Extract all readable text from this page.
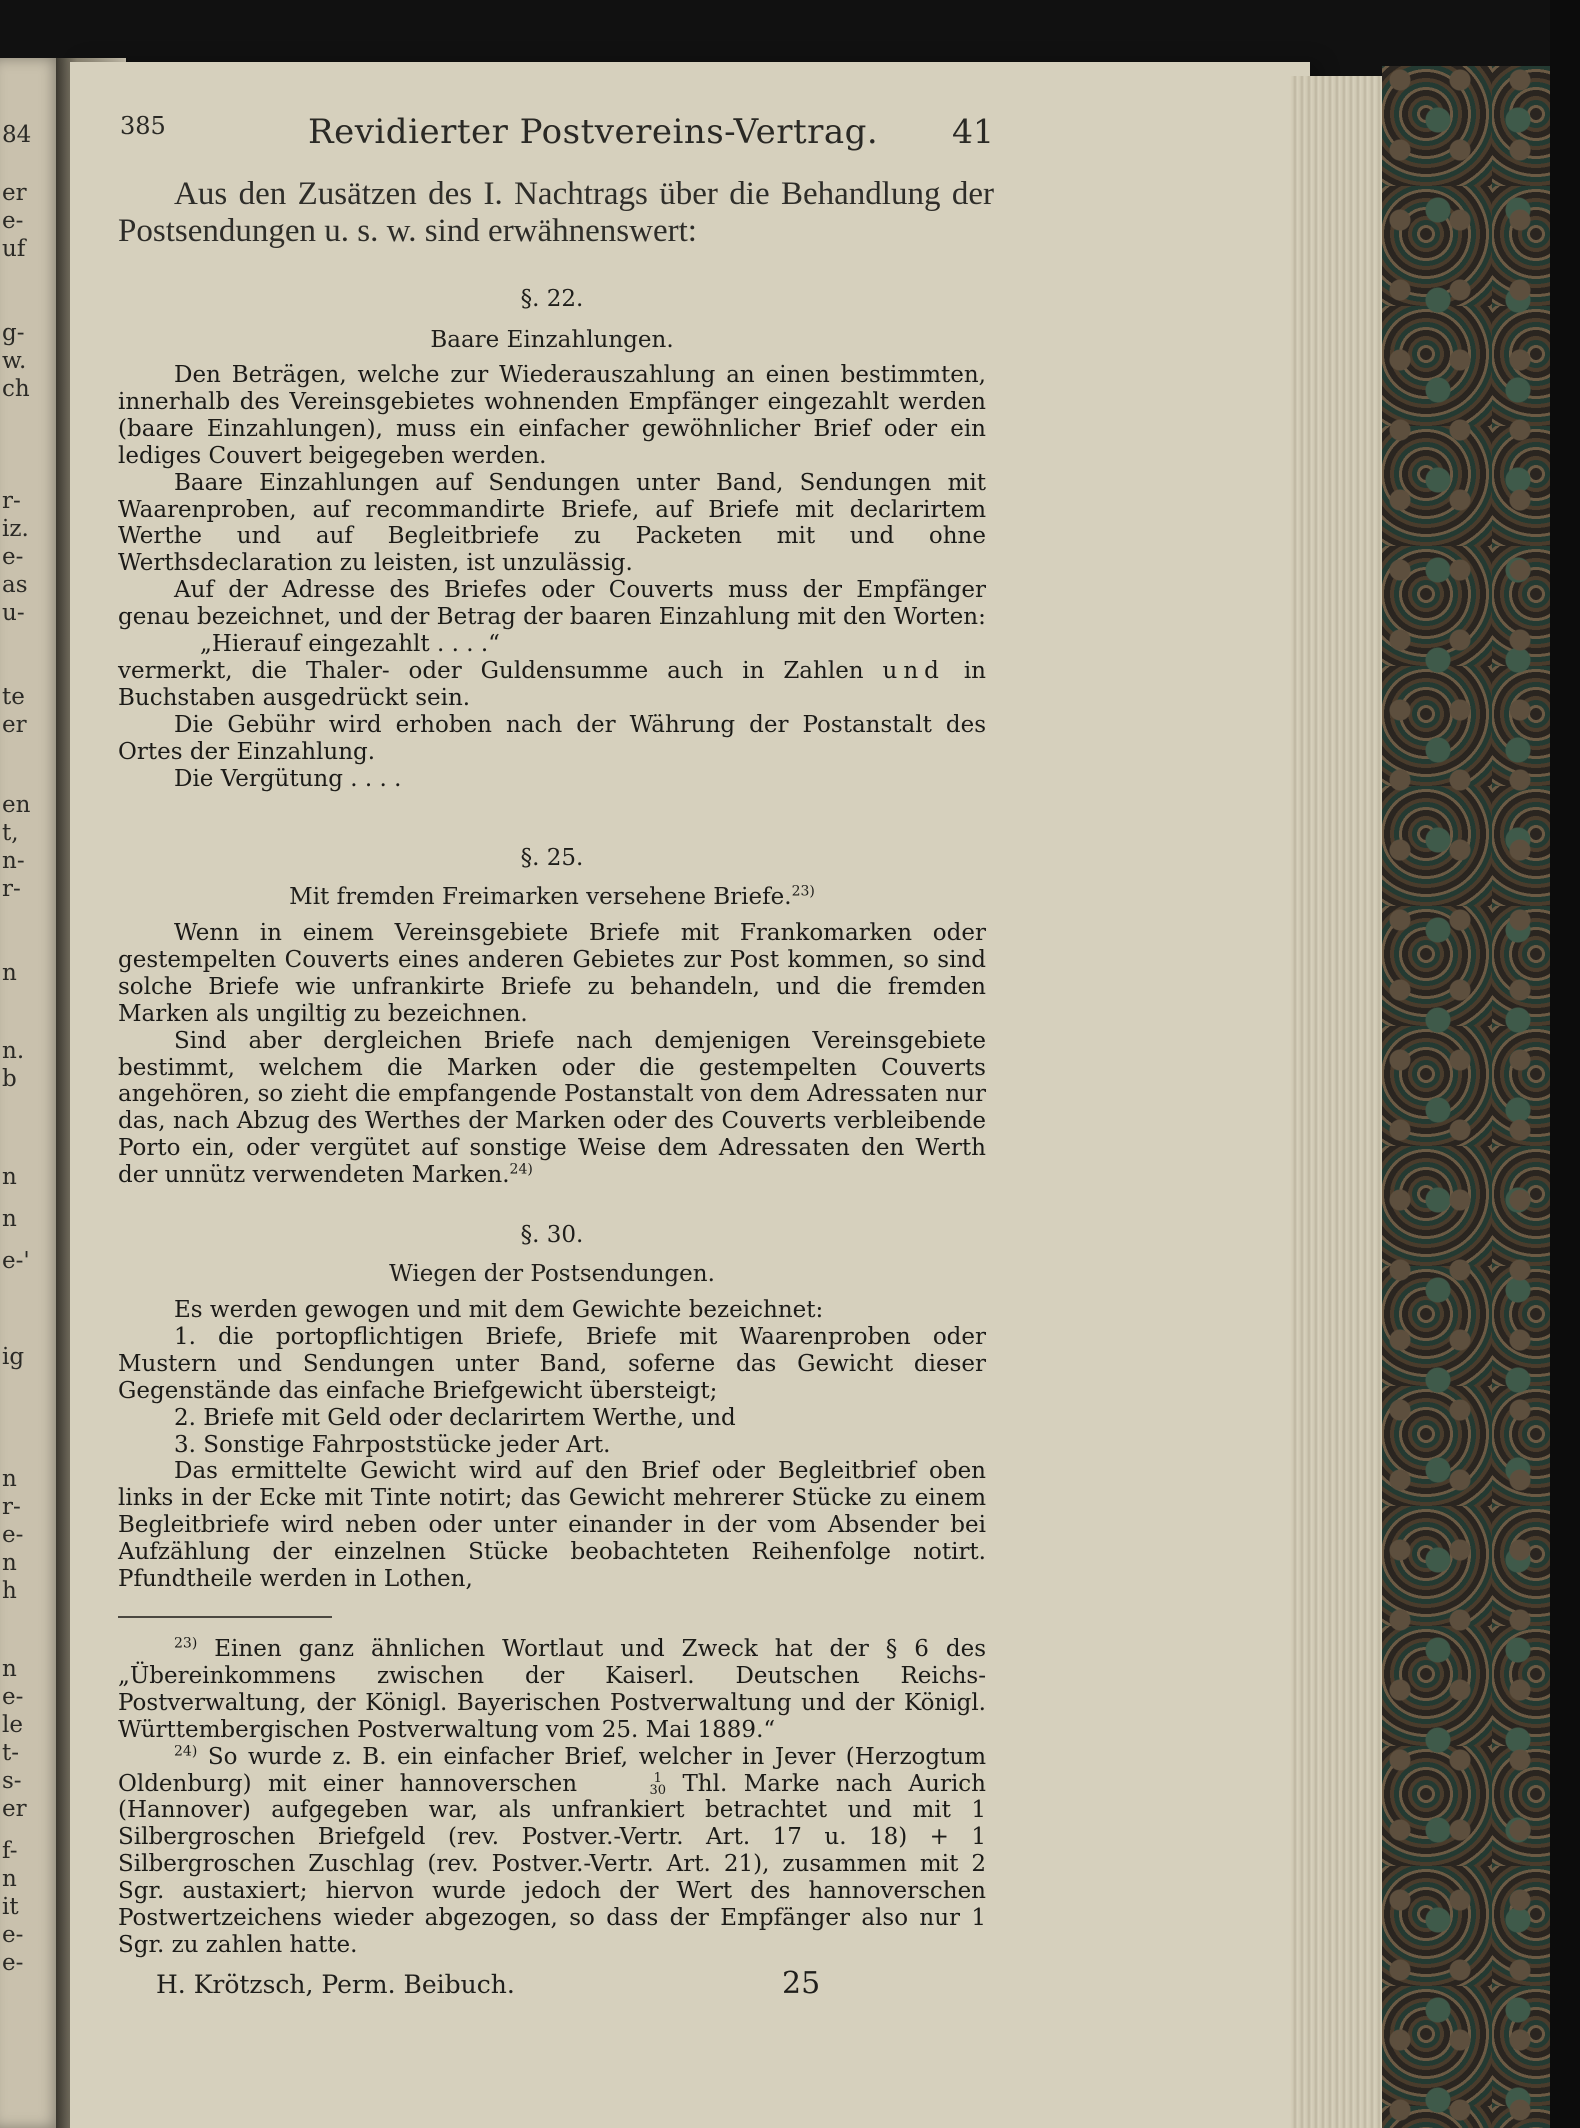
84
er
e-
uf
g-
w.
ch
r-
iz.
e-
as
u-
te
er
en
t,
n-
r-
n
n.
b
n
n
e-'
ig
n
r-
e-
n
h
n
e-
le
t-
s-
er
f-
n
it
e-
e-
385	Revidierter Postvereins-Vertrag. 41

Aus den Zusätzen des I. Nachtrags über die Behandlung der Postsendungen u. s. w. sind erwähnenswert:

§. 22.
Baare Einzahlungen.

Den Beträgen, welche zur Wiederauszahlung an einen bestimmten, innerhalb des Vereinsgebietes wohnenden Empfänger eingezahlt werden (baare Einzahlungen), muss ein einfacher gewöhnlicher Brief oder ein lediges Couvert beigegeben werden.

Baare Einzahlungen auf Sendungen unter Band, Sendungen mit Waarenproben, auf recommandirte Briefe, auf Briefe mit declarirtem Werthe und auf Begleitbriefe zu Packeten mit und ohne Werthsdeclaration zu leisten, ist unzulässig.

Auf der Adresse des Briefes oder Couverts muss der Empfänger genau bezeichnet, und der Betrag der baaren Einzahlung mit den Worten:

„Hierauf eingezahlt . . . .“

vermerkt, die Thaler- oder Guldensumme auch in Zahlen und in Buchstaben ausgedrückt sein.

Die Gebühr wird erhoben nach der Währung der Postanstalt des Ortes der Einzahlung.

Die Vergütung . . . .

§. 25.
Mit fremden Freimarken versehene Briefe.$^{23)}$

Wenn in einem Vereinsgebiete Briefe mit Frankomarken oder gestempelten Couverts eines anderen Gebietes zur Post kommen, so sind solche Briefe wie unfrankirte Briefe zu behandeln, und die fremden Marken als ungiltig zu bezeichnen.

Sind aber dergleichen Briefe nach demjenigen Vereinsgebiete bestimmt, welchem die Marken oder die gestempelten Couverts angehören, so zieht die empfangende Postanstalt von dem Adressaten nur das, nach Abzug des Werthes der Marken oder des Couverts verbleibende Porto ein, oder vergütet auf sonstige Weise dem Adressaten den Werth der unnütz verwendeten Marken.$^{24)}$

§. 30.
Wiegen der Postsendungen.

Es werden gewogen und mit dem Gewichte bezeichnet:

1. die portopflichtigen Briefe, Briefe mit Waarenproben oder Mustern und Sendungen unter Band, soferne das Gewicht dieser Gegenstände das einfache Briefgewicht übersteigt;

2. Briefe mit Geld oder declarirtem Werthe, und

3. Sonstige Fahrpoststücke jeder Art.

Das ermittelte Gewicht wird auf den Brief oder Begleitbrief oben links in der Ecke mit Tinte notirt; das Gewicht mehrerer Stücke zu einem Begleitbriefe wird neben oder unter einander in der vom Absender bei Aufzählung der einzelnen Stücke beobachteten Reihenfolge notirt. Pfundtheile werden in Lothen,

$^{23)}$ Einen ganz ähnlichen Wortlaut und Zweck hat der § 6 des „Übereinkommens zwischen der Kaiserl. Deutschen Reichs-Postverwaltung, der Königl. Bayerischen Postverwaltung und der Königl. Württembergischen Postverwaltung vom 25. Mai 1889.“

$^{24)}$ So wurde z. B. ein einfacher Brief, welcher in Jever (Herzogtum Oldenburg) mit einer hannoverschen	1
30 Thl. Marke nach Aurich (Hannover) aufgegeben war, als unfrankiert betrachtet und mit 1 Silbergroschen Briefgeld (rev. Postver.-Vertr. Art. 17 u. 18) + 1 Silbergroschen Zuschlag (rev. Postver.-Vertr. Art. 21), zusammen mit 2 Sgr. austaxiert; hiervon wurde jedoch der Wert des hannoverschen Postwertzeichens wieder abgezogen, so dass der Empfänger also nur 1 Sgr. zu zahlen hatte.

H. Krötzsch, Perm. Beibuch.	25
